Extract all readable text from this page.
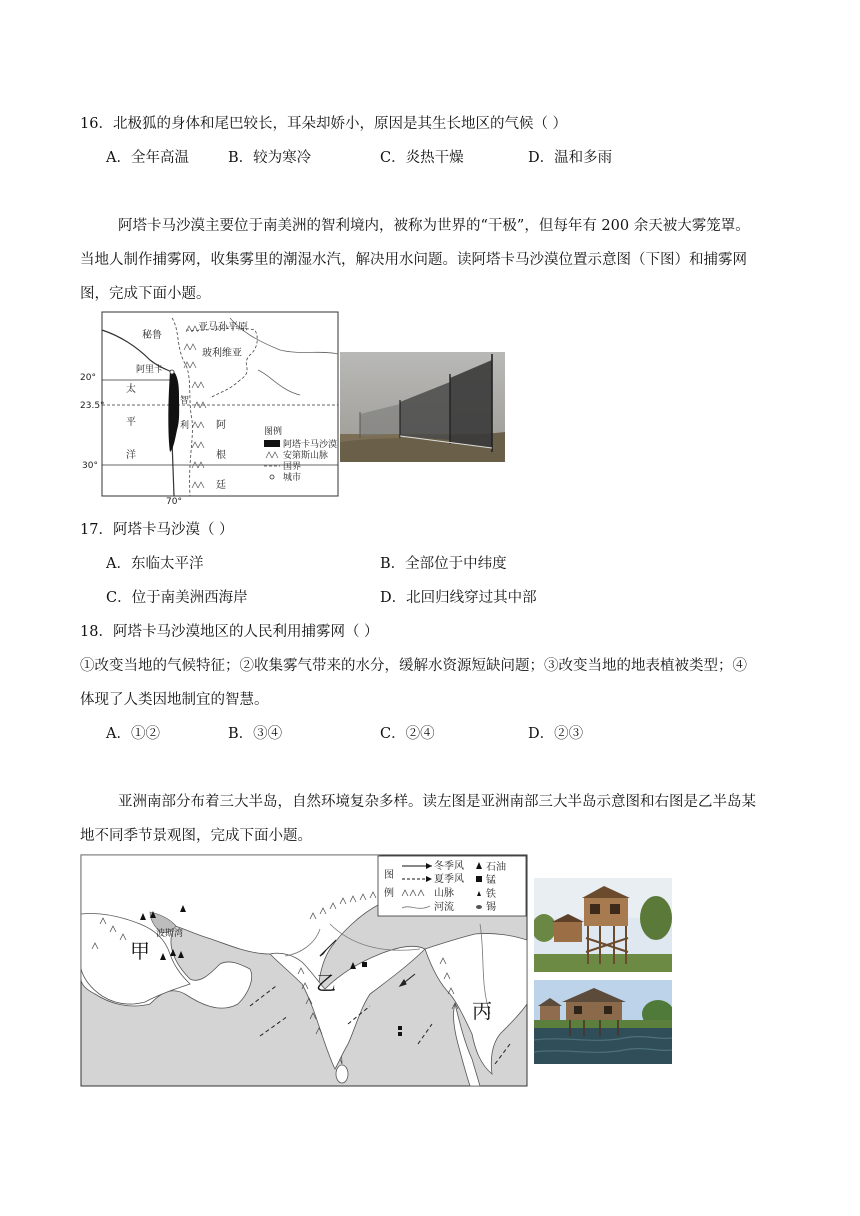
16．北极狐的身体和尾巴较长，耳朵却娇小，原因是其生长地区的气候（ ）
A．全年高温	B．较为寒冷	C．炎热干燥	D．温和多雨
阿塔卡马沙漠主要位于南美洲的智利境内，被称为世界的“干极”，但每年有 200 余天被大雾笼罩。
当地人制作捕雾网，收集雾里的潮湿水汽，解决用水问题。读阿塔卡马沙漠位置示意图（下图）和捕雾网
图，完成下面小题。
20°
23.5°
30°
70°
秘鲁
亚马孙平原
玻利维亚
阿里卡
太
平
洋
智
利	阿
根
廷
图例
阿塔卡马沙漠
安第斯山脉
国界
城市
17．阿塔卡马沙漠（ ）
A．东临太平洋	B．全部位于中纬度
C．位于南美洲西海岸	D．北回归线穿过其中部
18．阿塔卡马沙漠地区的人民利用捕雾网（ ）
①改变当地的气候特征；②收集雾气带来的水分，缓解水资源短缺问题；③改变当地的地表植被类型；④
体现了人类因地制宜的智慧。
A．①②	B．③④	C．②④	D．②③
亚洲南部分布着三大半岛，自然环境复杂多样。读左图是亚洲南部三大半岛示意图和右图是乙半岛某
地不同季节景观图，完成下面小题。
图
例
冬季风
夏季风
山脉
河流
石油
锰
铁
锡
甲
乙
丙
波斯湾
